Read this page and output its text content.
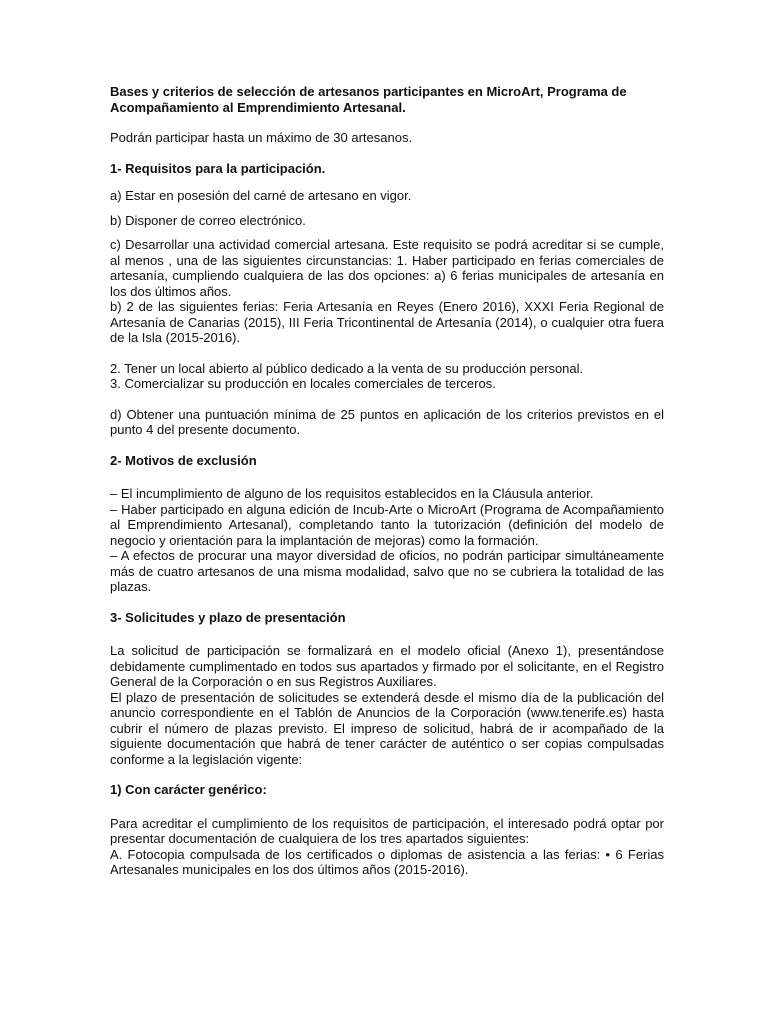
Bases y criterios de selección de artesanos participantes en MicroArt, Programa de Acompañamiento al Emprendimiento Artesanal.
Podrán participar hasta un máximo de 30 artesanos.
1- Requisitos para la participación.
a) Estar en posesión del carné de artesano en vigor.
b) Disponer de correo electrónico.
c) Desarrollar una actividad comercial artesana. Este requisito se podrá acreditar si se cumple, al menos , una de las siguientes circunstancias: 1. Haber participado en ferias comerciales de artesanía, cumpliendo cualquiera de las dos opciones: a) 6 ferias municipales de artesanía en los dos últimos años.
b) 2 de las siguientes ferias: Feria Artesanía en Reyes (Enero 2016), XXXI Feria Regional de Artesanía de Canarias (2015), III Feria Tricontinental de Artesanía (2014), o cualquier otra fuera de la Isla (2015-2016).
2. Tener un local abierto al público dedicado a la venta de su producción personal.
3. Comercializar su producción en locales comerciales de terceros.
d) Obtener una puntuación mínima de 25 puntos en aplicación de los criterios previstos en el punto 4 del presente documento.
2- Motivos de exclusión
– El incumplimiento de alguno de los requisitos establecidos en la Cláusula anterior.
– Haber participado en alguna edición de Incub-Arte o MicroArt (Programa de Acompañamiento al Emprendimiento Artesanal), completando tanto la tutorización (definición del modelo de negocio y orientación para la implantación de mejoras) como la formación.
– A efectos de procurar una mayor diversidad de oficios, no podrán participar simultáneamente más de cuatro artesanos de una misma modalidad, salvo que no se cubriera la totalidad de las plazas.
3- Solicitudes y plazo de presentación
La solicitud de participación se formalizará en el modelo oficial (Anexo 1), presentándose debidamente cumplimentado en todos sus apartados y firmado por el solicitante, en el Registro General de la Corporación o en sus Registros Auxiliares.
El plazo de presentación de solicitudes se extenderá desde el mismo día de la publicación del anuncio correspondiente en el Tablón de Anuncios de la Corporación (www.tenerife.es) hasta cubrir el número de plazas previsto. El impreso de solicitud, habrá de ir acompañado de la siguiente documentación que habrá de tener carácter de auténtico o ser copias compulsadas conforme a la legislación vigente:
1) Con carácter genérico:
Para acreditar el cumplimiento de los requisitos de participación, el interesado podrá optar por presentar documentación de cualquiera de los tres apartados siguientes:
A. Fotocopia compulsada de los certificados o diplomas de asistencia a las ferias: • 6 Ferias Artesanales municipales en los dos últimos años (2015-2016).
